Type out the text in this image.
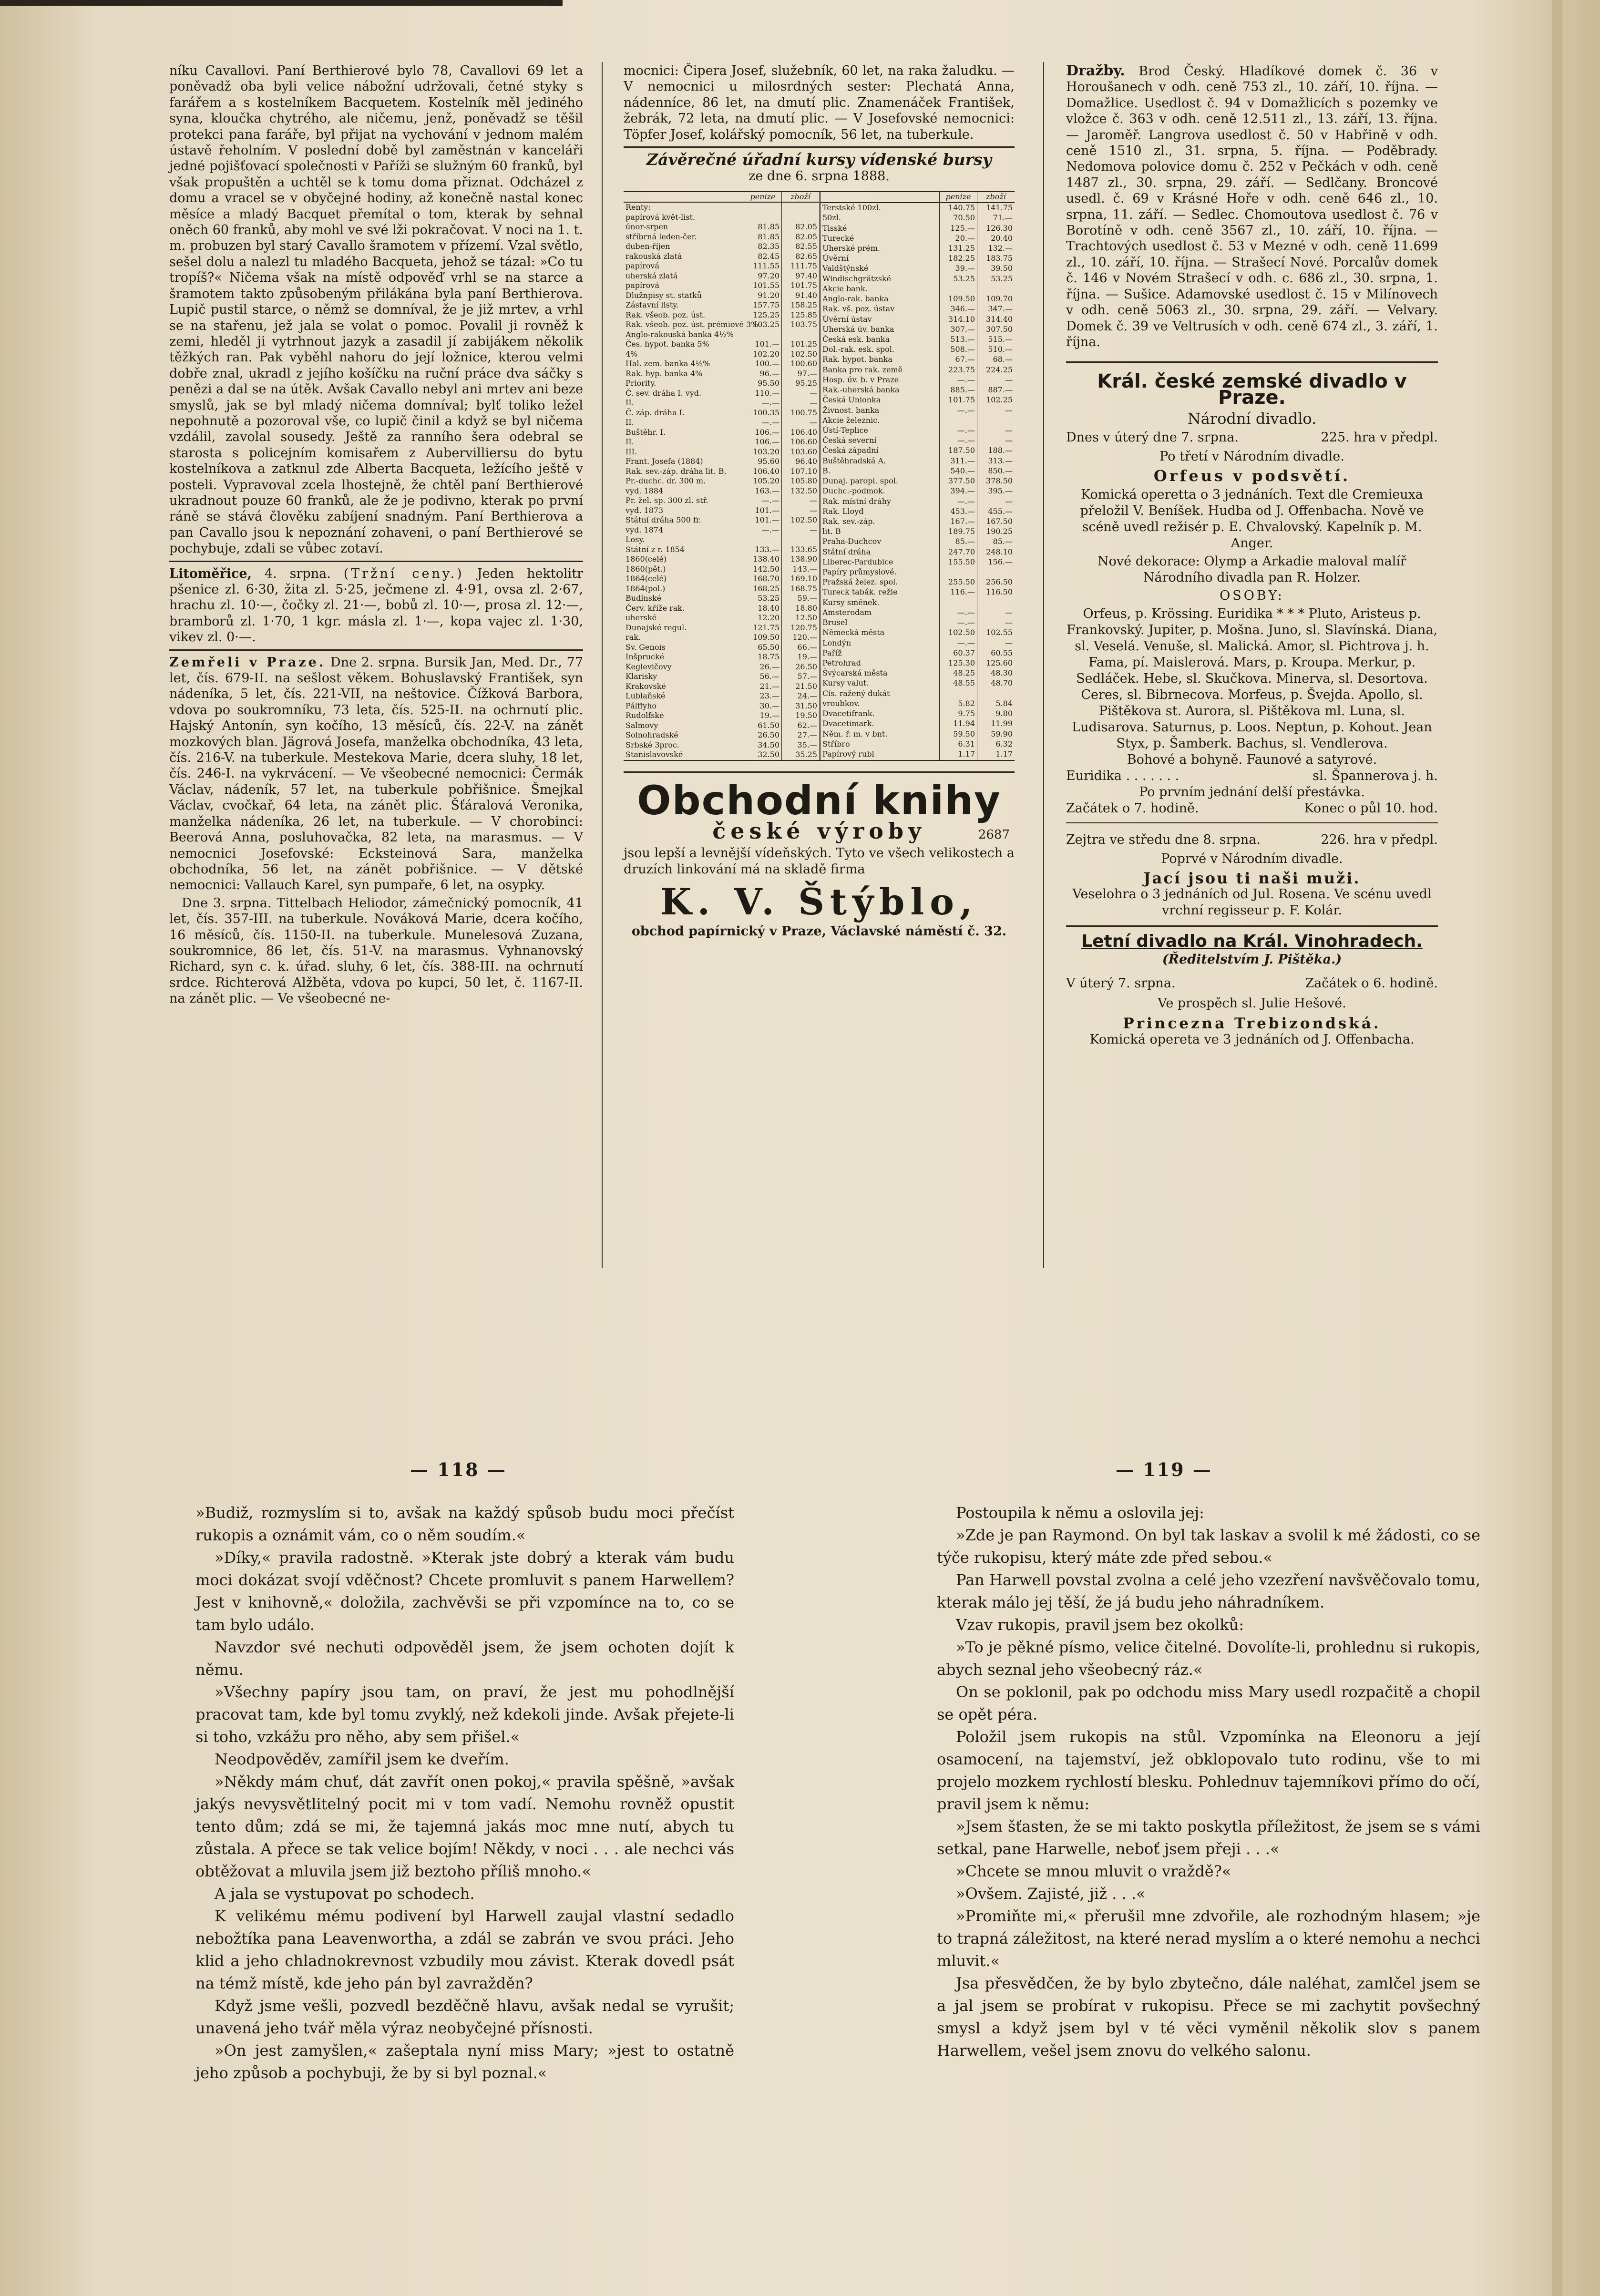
níku Cavallovi. Paní Berthierové bylo 78, Cavallovi 69 let a poněvadž oba byli velice nábožní udržovali, četné styky s farářem a s kostelníkem Bacquetem. Kostelník měl jediného syna, kloučka chytrého, ale ničemu, jenž, poněvadž se těšil protekci pana faráře, byl přijat na vychování v jednom malém ústavě řeholním. V poslední době byl zaměstnán v kanceláři jedné pojišťovací společnosti v Paříži se služným 60 franků, byl však propuštěn a uchtěl se k tomu doma přiznat. Odcházel z domu a vracel se v obyčejné hodiny, až konečně nastal konec měsíce a mladý Bacquet přemítal o tom, kterak by sehnal oněch 60 franků, aby mohl ve své lži pokračovat. V noci na 1. t. m. probuzen byl starý Cavallo šramotem v přízemí. Vzal světlo, sešel dolu a nalezl tu mladého Bacqueta, jehož se tázal: »Co tu tropíš?« Ničema však na místě odpověď vrhl se na starce a šramotem takto způsobeným přilákána byla paní Berthierova. Lupič pustil starce, o němž se domníval, že je již mrtev, a vrhl se na stařenu, jež jala se volat o pomoc. Povalil ji rovněž k zemi, hleděl ji vytrhnout jazyk a zasadil jí zabijákem několik těžkých ran. Pak vyběhl nahoru do její ložnice, kterou velmi dobře znal, ukradl z jejího košíčku na ruční práce dva sáčky s penězi a dal se na útěk. Avšak Cavallo nebyl ani mrtev ani beze smyslů, jak se byl mladý ničema domníval; bylť toliko ležel nepohnutě a pozoroval vše, co lupič činil a když se byl ničema vzdálil, zavolal sousedy. Ještě za ranního šera odebral se starosta s policejním komisařem z Aubervilliersu do bytu kostelníkova a zatknul zde Alberta Bacqueta, ležícího ještě v posteli. Vypravoval zcela lhostejně, že chtěl paní Berthierové ukradnout pouze 60 franků, ale že je podivno, kterak po první ráně se stává člověku zabíjení snadným. Paní Berthierova a pan Cavallo jsou k nepoznání zohaveni, o paní Berthierové se pochybuje, zdali se vůbec zotaví.

Litoměřice, 4. srpna. (Tržní ceny.) Jeden hektolitr pšenice zl. 6·30, žita zl. 5·25, ječmene zl. 4·91, ovsa zl. 2·67, hrachu zl. 10·—, čočky zl. 21·—, bobů zl. 10·—, prosa zl. 12·—, bramborů zl. 1·70, 1 kgr. másla zl. 1·—, kopa vajec zl. 1·30, vikev zl. 0·—.

Zemřeli v Praze. Dne 2. srpna. Bursik Jan, Med. Dr., 77 let, čís. 679-II. na sešlost věkem. Bohuslavský František, syn nádeníka, 5 let, čís. 221-VII, na neštovice. Čížková Barbora, vdova po soukromníku, 73 leta, čís. 525-II. na ochrnutí plic. Hajský Antonín, syn kočího, 13 měsíců, čís. 22-V. na zánět mozkových blan. Jägrová Josefa, manželka obchodníka, 43 leta, čís. 216-V. na tuberkule. Mestekova Marie, dcera sluhy, 18 let, čís. 246-I. na vykrvácení. — Ve všeobecné nemocnici: Čermák Václav, nádeník, 57 let, na tuberkule pobřišnice. Šmejkal Václav, cvočkař, 64 leta, na zánět plic. Šťáralová Veronika, manželka nádeníka, 26 let, na tuberkule. — V chorobinci: Beerová Anna, posluhovačka, 82 leta, na marasmus. — V nemocnici Josefovské: Ecksteinová Sara, manželka obchodníka, 56 let, na zánět pobřišnice. — V dětské nemocnici: Vallauch Karel, syn pumpaře, 6 let, na osypky.

Dne 3. srpna. Tittelbach Heliodor, zámečnický pomocník, 41 let, čís. 357-III. na tuberkule. Nováková Marie, dcera kočího, 16 měsíců, čís. 1150-II. na tuberkule. Munelesová Zuzana, soukromnice, 86 let, čís. 51-V. na marasmus. Vyhnanovský Richard, syn c. k. úřad. sluhy, 6 let, čís. 388-III. na ochrnutí srdce. Richterová Alžběta, vdova po kupci, 50 let, č. 1167-II. na zánět plic. — Ve všeobecné ne-

mocnici: Čipera Josef, služebník, 60 let, na raka žaludku. — V nemocnici u milosrdných sester: Plechatá Anna, nádenníce, 86 let, na dmutí plic. Znamenáček František, žebrák, 72 leta, na dmutí plic. — V Josefovské nemocnici: Töpfer Josef, kolářský pomocník, 56 let, na tuberkule.

Závěrečné úřadní kursy vídenské bursy
ze dne 6. srpna 1888.
	penize	zboží
Renty:		
papírová květ-list.		
únor-srpen	81.85	82.05
stříbrná leden-čer.	81.85	82.05
duben-říjen	82.35	82.55
rakouská zlatá	82.45	82.65
papírová	111.55	111.75
uherská zlatá	97.20	97.40
papírová	101.55	101.75
Dlužnpisy st. statků	91.20	91.40
Zástavní listy.	157.75	158.25
Rak. všeob. poz. úst.	125.25	125.85
Rak. všeob. poz. úst. prémiové 3%	103.25	103.75
Anglo-rakouská banka 4½%		
Čes. hypot. banka 5%	101.—	101.25
4%	102.20	102.50
Hal. zem. banka 4½%	100.—	100.60
Rak. hyp. banka 4%	96.—	97.—
Priority.	95.50	95.25
Č. sev. dráha I. vyd.	110.—	—
II.	—.—	—
Č. záp. dráha I.	100.35	100.75
II.	—.—	—
Buštěhr. I.	106.—	106.40
II.	106.—	106.60
III.	103.20	103.60
Frant. Josefa (1884)	95.60	96.40
Rak. sev.-záp. dráha lit. B.	106.40	107.10
Pr.-duchc. dr. 300 m.	105.20	105.80
vyd. 1884	163.—	132.50
Pr. žel. sp. 300 zl. stř.	—.—	—
vyd. 1873	101.—	—
Státní dráha 500 fr.	101.—	102.50
vyd. 1874	—.—	—
Losy.		
Státní z r. 1854	133.—	133.65
1860(celé)	138.40	138.90
1860(pět.)	142.50	143.—
1864(celé)	168.70	169.10
1864(pol.)	168.25	168.75
Budínské	53.25	59.—
Červ. kříže rak.	18.40	18.80
uherské	12.20	12.50
Dunajské regul.	121.75	120.75
rak.	109.50	120.—
Sv. Genois	65.50	66.—
Inšprucké	18.75	19.—
Keglevičovy	26.—	26.50
Klarisky	56.—	57.—
Krakovské	21.—	21.50
Lublaňské	23.—	24.—
Pálffyho	30.—	31.50
Rudolfské	19.—	19.50
Salmovy	61.50	62.—
Solnohradské	26.50	27.—
Srbské 3proc.	34.50	35.—
Stanislavovské	32.50	35.25
	penize	zboží
Terstské 100zl.	140.75	141.75
50zl.	70.50	71.—
Tisské	125.—	126.30
Turecké	20.—	20.40
Uherské prém.	131.25	132.—
Úvěrní	182.25	183.75
Valdštýnské	39.—	39.50
Windischgrätzské	53.25	53.25
Akcie bank.		
Anglo-rak. banka	109.50	109.70
Rak. vš. poz. ústav	346.—	347.—
Úvěrní ústav	314.10	314.40
Uherská úv. banka	307.—	307.50
Česká esk. banka	513.—	515.—
Dol.-rak. esk. spol.	508.—	510.—
Rak. hypot. banka	67.—	68.—
Banka pro rak. země	223.75	224.25
Hosp. úv. b. v Praze	—.—	—
Rak.-uherská banka	885.—	887.—
Česká Unionka	101.75	102.25
Živnost. banka	—.—	—
Akcie železnic.		
Ústí-Teplice	—.—	—
Česká severní	—.—	—
Česká západní	187.50	188.—
Buštěhradská A.	311.—	313.—
B.	540.—	850.—
Dunaj. paropl. spol.	377.50	378.50
Duchc.-podmok.	394.—	395.—
Rak. místní dráhy	—.—	—
Rak. Lloyd	453.—	455.—
Rak. sev.-záp.	167.—	167.50
lit. B	189.75	190.25
Praha-Duchcov	85.—	85.—
Státní dráha	247.70	248.10
Liberec-Pardubice	155.50	156.—
Papíry průmyslové.		
Pražská želez. spol.	255.50	256.50
Tureck tabák. režie	116.—	116.50
Kursy směnek.		
Amsterodam	—.—	—
Brusel	—.—	—
Německá města	102.50	102.55
Londýn	—.—	—
Paříž	60.37	60.55
Petrohrad	125.30	125.60
Švýcarská města	48.25	48.30
Kursy valut.	48.55	48.70
Cís. ražený dukát		
vroubkov.	5.82	5.84
Dvacetifrank.	9.75	9.80
Dvacetimark.	11.94	11.99
Něm. ř. m. v bnt.	59.50	59.90
Stříbro	6.31	6.32
Papírový rubl	1.17	1.17
Obchodní knihy
české výroby	2687
jsou lepší a levnější vídeňských. Tyto ve všech velikostech a druzích linkování má na skladě firma
K. V. Štýblo,
obchod papírnický v Praze, Václavské náměstí č. 32.

Dražby. Brod Český. Hladíkové domek č. 36 v Horoušanech v odh. ceně 753 zl., 10. září, 10. října. — Domažlice. Usedlost č. 94 v Domažlicích s pozemky ve vložce č. 363 v odh. ceně 12.511 zl., 13. září, 13. října. — Jaroměř. Langrova usedlost č. 50 v Habřině v odh. ceně 1510 zl., 31. srpna, 5. října. — Poděbrady. Nedomova polovice domu č. 252 v Pečkách v odh. ceně 1487 zl., 30. srpna, 29. září. — Sedlčany. Broncové usedl. č. 69 v Krásné Hoře v odh. ceně 646 zl., 10. srpna, 11. září. — Sedlec. Chomoutova usedlost č. 76 v Borotíně v odh. ceně 3567 zl., 10. září, 10. října. — Trachtových usedlost č. 53 v Mezné v odh. ceně 11.699 zl., 10. září, 10. října. — Strašecí Nové. Porcalův domek č. 146 v Novém Strašecí v odh. c. 686 zl., 30. srpna, 1. října. — Sušice. Adamovské usedlost č. 15 v Milínovech v odh. ceně 5063 zl., 30. srpna, 29. září. — Velvary. Domek č. 39 ve Veltrusích v odh. ceně 674 zl., 3. září, 1. října.

Král. české zemské divadlo v Praze.
Národní divadlo.
Dnes v úterý dne 7. srpna.	225. hra v předpl.
Po třetí v Národním divadle.
Orfeus v podsvětí.
Komická operetta o 3 jednáních. Text dle Cremieuxa přeložil V. Beníšek. Hudba od J. Offenbacha. Nově ve scéně uvedl režisér p. E. Chvalovský. Kapelník p. M. Anger.
Nové dekorace: Olymp a Arkadie maloval malíř Národního divadla pan R. Holzer.
OSOBY:
Orfeus, p. Krössing. Euridika * * * Pluto, Aristeus p. Frankovský. Jupiter, p. Mošna. Juno, sl. Slavínská. Diana, sl. Veselá. Venuše, sl. Malická. Amor, sl. Pichtrova j. h. Fama, pí. Maislerová. Mars, p. Kroupa. Merkur, p. Sedláček. Hebe, sl. Skučkova. Minerva, sl. Desortova. Ceres, sl. Bibrnecova. Morfeus, p. Švejda. Apollo, sl. Pištěkova st. Aurora, sl. Pištěkova ml. Luna, sl. Ludisarova. Saturnus, p. Loos. Neptun, p. Kohout. Jean Styx, p. Šamberk. Bachus, sl. Vendlerova.
Bohové a bohyně. Faunové a satyrové.
Euridika . . . . . . .	sl. Špannerova j. h.
Po prvním jednání delší přestávka.
Začátek o 7. hodině.	Konec o půl 10. hod.
Zejtra ve středu dne 8. srpna.	226. hra v předpl.
Poprvé v Národním divadle.
Jací jsou ti naši muži.
Veselohra o 3 jednáních od Jul. Rosena. Ve scénu uvedl vrchní regisseur p. F. Kolár.
Letní divadlo na Král. Vinohradech.
(Ředitelstvím J. Pištěka.)
V úterý 7. srpna.	Začátek o 6. hodině.
Ve prospěch sl. Julie Hešové.
Princezna Trebizondská.
Komická opereta ve 3 jednáních od J. Offenbacha.
— 118 —	— 119 —

»Budiž, rozmyslím si to, avšak na každý spůsob budu moci přečíst rukopis a oznámit vám, co o něm soudím.«

»Díky,« pravila radostně. »Kterak jste dobrý a kterak vám budu moci dokázat svojí vděčnost? Chcete promluvit s panem Harwellem? Jest v knihovně,« doložila, zachvěvši se při vzpomínce na to, co se tam bylo událo.

Navzdor své nechuti odpověděl jsem, že jsem ochoten dojít k němu.

»Všechny papíry jsou tam, on praví, že jest mu pohodlnější pracovat tam, kde byl tomu zvyklý, než kdekoli jinde. Avšak přejete-li si toho, vzkážu pro něho, aby sem přišel.«

Neodpověděv, zamířil jsem ke dveřím.

»Někdy mám chuť, dát zavřít onen pokoj,« pravila spěšně, »avšak jakýs nevysvětlitelný pocit mi v tom vadí. Nemohu rovněž opustit tento dům; zdá se mi, že tajemná jakás moc mne nutí, abych tu zůstala. A přece se tak velice bojím! Někdy, v noci . . . ale nechci vás obtěžovat a mluvila jsem již beztoho příliš mnoho.«

A jala se vystupovat po schodech.

K velikému mému podivení byl Harwell zaujal vlastní sedadlo nebožtíka pana Leavenwortha, a zdál se zabrán ve svou práci. Jeho klid a jeho chladnokrevnost vzbudily mou závist. Kterak dovedl psát na témž místě, kde jeho pán byl zavražděn?

Když jsme vešli, pozvedl bezděčně hlavu, avšak nedal se vyrušit; unavená jeho tvář měla výraz neobyčejné přísnosti.

»On jest zamyšlen,« zašeptala nyní miss Mary; »jest to ostatně jeho způsob a pochybuji, že by si byl poznal.«

Postoupila k němu a oslovila jej:

»Zde je pan Raymond. On byl tak laskav a svolil k mé žádosti, co se týče rukopisu, který máte zde před sebou.«

Pan Harwell povstal zvolna a celé jeho vzezření navšvěčovalo tomu, kterak málo jej těší, že já budu jeho náhradníkem.

Vzav rukopis, pravil jsem bez okolků:

»To je pěkné písmo, velice čitelné. Dovolíte-li, prohlednu si rukopis, abych seznal jeho všeobecný ráz.«

On se poklonil, pak po odchodu miss Mary usedl rozpačitě a chopil se opět péra.

Položil jsem rukopis na stůl. Vzpomínka na Eleonoru a její osamocení, na tajemství, jež obklopovalo tuto rodinu, vše to mi projelo mozkem rychlostí blesku. Pohlednuv tajemníkovi přímo do očí, pravil jsem k němu:

»Jsem šťasten, že se mi takto poskytla příležitost, že jsem se s vámi setkal, pane Harwelle, neboť jsem přeji . . .«

»Chcete se mnou mluvit o vraždě?«

»Ovšem. Zajisté, již . . .«

»Promiňte mi,« přerušil mne zdvořile, ale rozhodným hlasem; »je to trapná záležitost, na které nerad myslím a o které nemohu a nechci mluvit.«

Jsa přesvědčen, že by bylo zbytečno, dále naléhat, zamlčel jsem se a jal jsem se probírat v rukopisu. Přece se mi zachytit povšechný smysl a když jsem byl v té věci vyměnil několik slov s panem Harwellem, vešel jsem znovu do velkého salonu.
